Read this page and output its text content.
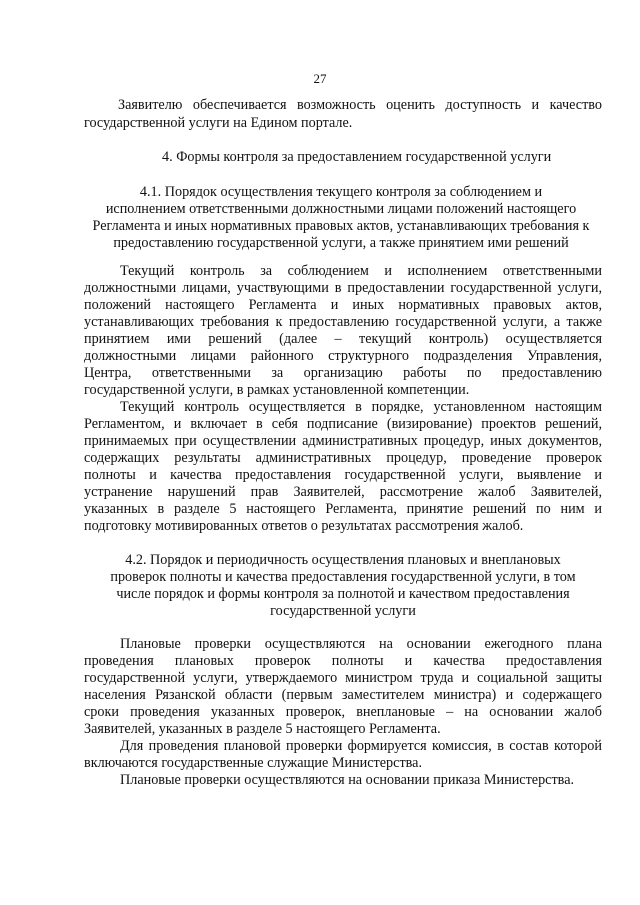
27
Заявителю обеспечивается возможность оценить доступность и качество
государственной услуги на Едином портале.
4. Формы контроля за предоставлением государственной услуги
4.1. Порядок осуществления текущего контроля за соблюдением и
исполнением ответственными должностными лицами положений настоящего
Регламента и иных нормативных правовых актов, устанавливающих требования к
предоставлению государственной услуги, а также принятием ими решений
Текущий контроль за соблюдением и исполнением ответственными
должностными лицами, участвующими в предоставлении государственной услуги,
положений настоящего Регламента и иных нормативных правовых актов,
устанавливающих требования к предоставлению государственной услуги, а также
принятием ими решений (далее – текущий контроль) осуществляется
должностными лицами районного структурного подразделения Управления,
Центра, ответственными за организацию работы по предоставлению
государственной услуги, в рамках установленной компетенции.
Текущий контроль осуществляется в порядке, установленном настоящим
Регламентом, и включает в себя подписание (визирование) проектов решений,
принимаемых при осуществлении административных процедур, иных документов,
содержащих результаты административных процедур, проведение проверок
полноты и качества предоставления государственной услуги, выявление и
устранение нарушений прав Заявителей, рассмотрение жалоб Заявителей,
указанных в разделе 5 настоящего Регламента, принятие решений по ним и
подготовку мотивированных ответов о результатах рассмотрения жалоб.
4.2. Порядок и периодичность осуществления плановых и внеплановых
проверок полноты и качества предоставления государственной услуги, в том
числе порядок и формы контроля за полнотой и качеством предоставления
государственной услуги
Плановые проверки осуществляются на основании ежегодного плана
проведения плановых проверок полноты и качества предоставления
государственной услуги, утверждаемого министром труда и социальной защиты
населения Рязанской области (первым заместителем министра) и содержащего
сроки проведения указанных проверок, внеплановые – на основании жалоб
Заявителей, указанных в разделе 5 настоящего Регламента.
Для проведения плановой проверки формируется комиссия, в состав которой
включаются государственные служащие Министерства.
Плановые проверки осуществляются на основании приказа Министерства.
